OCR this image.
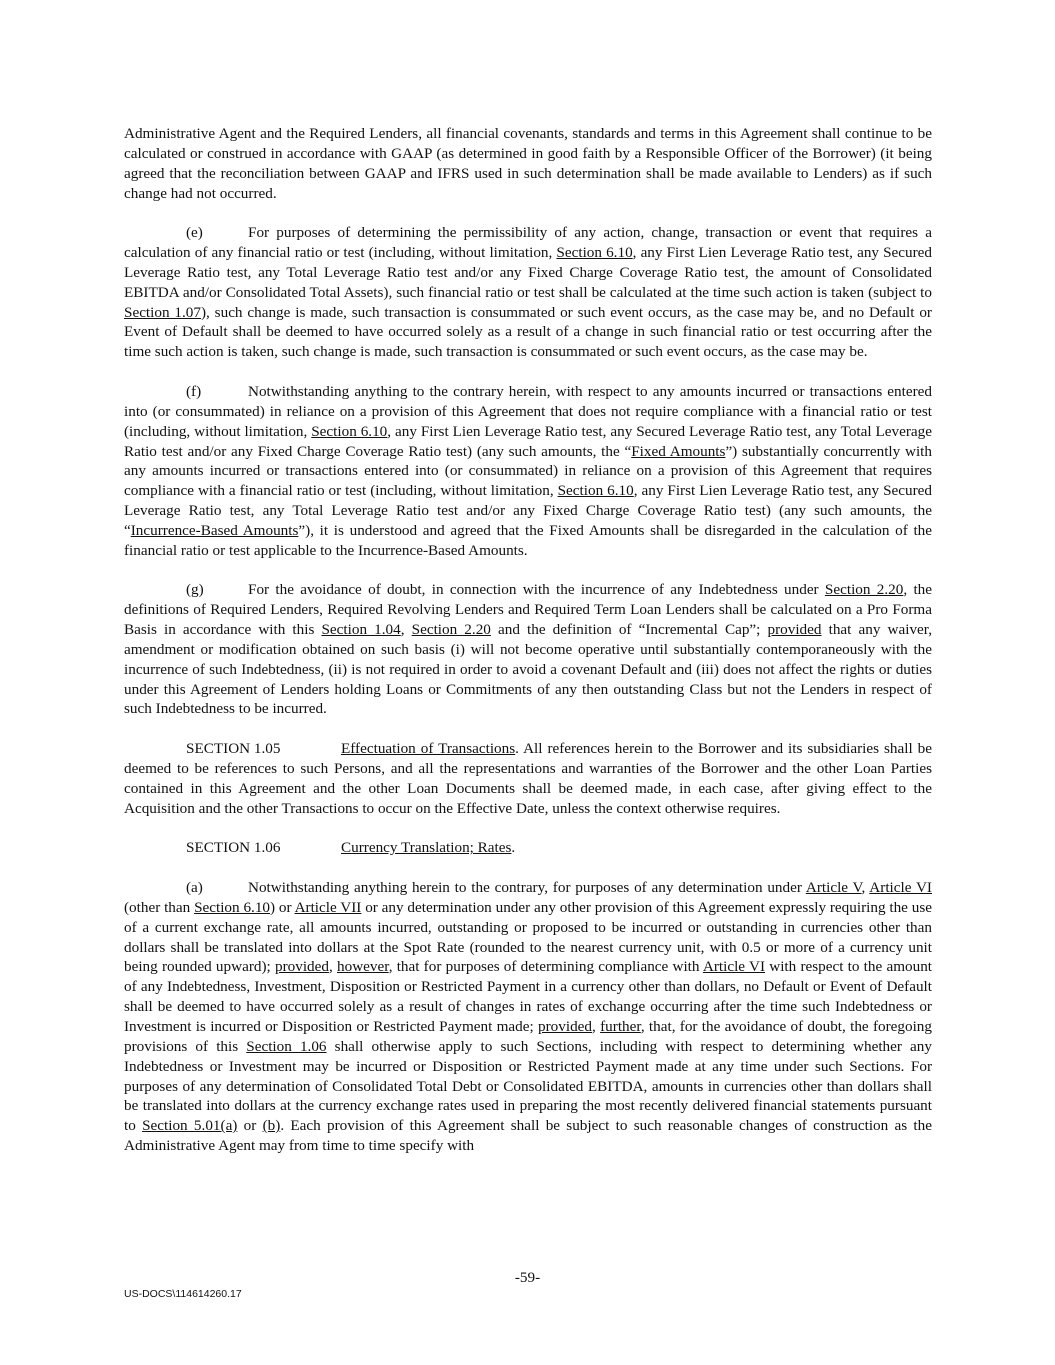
Administrative Agent and the Required Lenders, all financial covenants, standards and terms in this Agreement shall continue to be calculated or construed in accordance with GAAP (as determined in good faith by a Responsible Officer of the Borrower) (it being agreed that the reconciliation between GAAP and IFRS used in such determination shall be made available to Lenders) as if such change had not occurred.

(e)	For purposes of determining the permissibility of any action, change, transaction or event that requires a calculation of any financial ratio or test (including, without limitation, Section 6.10, any First Lien Leverage Ratio test, any Secured Leverage Ratio test, any Total Leverage Ratio test and/or any Fixed Charge Coverage Ratio test, the amount of Consolidated EBITDA and/or Consolidated Total Assets), such financial ratio or test shall be calculated at the time such action is taken (subject to Section 1.07), such change is made, such transaction is consummated or such event occurs, as the case may be, and no Default or Event of Default shall be deemed to have occurred solely as a result of a change in such financial ratio or test occurring after the time such action is taken, such change is made, such transaction is consummated or such event occurs, as the case may be.

(f)	Notwithstanding anything to the contrary herein, with respect to any amounts incurred or transactions entered into (or consummated) in reliance on a provision of this Agreement that does not require compliance with a financial ratio or test (including, without limitation, Section 6.10, any First Lien Leverage Ratio test, any Secured Leverage Ratio test, any Total Leverage Ratio test and/or any Fixed Charge Coverage Ratio test) (any such amounts, the “Fixed Amounts”) substantially concurrently with any amounts incurred or transactions entered into (or consummated) in reliance on a provision of this Agreement that requires compliance with a financial ratio or test (including, without limitation, Section 6.10, any First Lien Leverage Ratio test, any Secured Leverage Ratio test, any Total Leverage Ratio test and/or any Fixed Charge Coverage Ratio test) (any such amounts, the “Incurrence-Based Amounts”), it is understood and agreed that the Fixed Amounts shall be disregarded in the calculation of the financial ratio or test applicable to the Incurrence-Based Amounts.

(g)	For the avoidance of doubt, in connection with the incurrence of any Indebtedness under Section 2.20, the definitions of Required Lenders, Required Revolving Lenders and Required Term Loan Lenders shall be calculated on a Pro Forma Basis in accordance with this Section 1.04, Section 2.20 and the definition of “Incremental Cap”; provided that any waiver, amendment or modification obtained on such basis (i) will not become operative until substantially contemporaneously with the incurrence of such Indebtedness, (ii) is not required in order to avoid a covenant Default and (iii) does not affect the rights or duties under this Agreement of Lenders holding Loans or Commitments of any then outstanding Class but not the Lenders in respect of such Indebtedness to be incurred.

SECTION 1.05	Effectuation of Transactions. All references herein to the Borrower and its subsidiaries shall be deemed to be references to such Persons, and all the representations and warranties of the Borrower and the other Loan Parties contained in this Agreement and the other Loan Documents shall be deemed made, in each case, after giving effect to the Acquisition and the other Transactions to occur on the Effective Date, unless the context otherwise requires.

SECTION 1.06	Currency Translation; Rates.

(a)	Notwithstanding anything herein to the contrary, for purposes of any determination under Article V, Article VI (other than Section 6.10) or Article VII or any determination under any other provision of this Agreement expressly requiring the use of a current exchange rate, all amounts incurred, outstanding or proposed to be incurred or outstanding in currencies other than dollars shall be translated into dollars at the Spot Rate (rounded to the nearest currency unit, with 0.5 or more of a currency unit being rounded upward); provided, however, that for purposes of determining compliance with Article VI with respect to the amount of any Indebtedness, Investment, Disposition or Restricted Payment in a currency other than dollars, no Default or Event of Default shall be deemed to have occurred solely as a result of changes in rates of exchange occurring after the time such Indebtedness or Investment is incurred or Disposition or Restricted Payment made; provided, further, that, for the avoidance of doubt, the foregoing provisions of this Section 1.06 shall otherwise apply to such Sections, including with respect to determining whether any Indebtedness or Investment may be incurred or Disposition or Restricted Payment made at any time under such Sections. For purposes of any determination of Consolidated Total Debt or Consolidated EBITDA, amounts in currencies other than dollars shall be translated into dollars at the currency exchange rates used in preparing the most recently delivered financial statements pursuant to Section 5.01(a) or (b). Each provision of this Agreement shall be subject to such reasonable changes of construction as the Administrative Agent may from time to time specify with

-59-
US-DOCS\114614260.17
